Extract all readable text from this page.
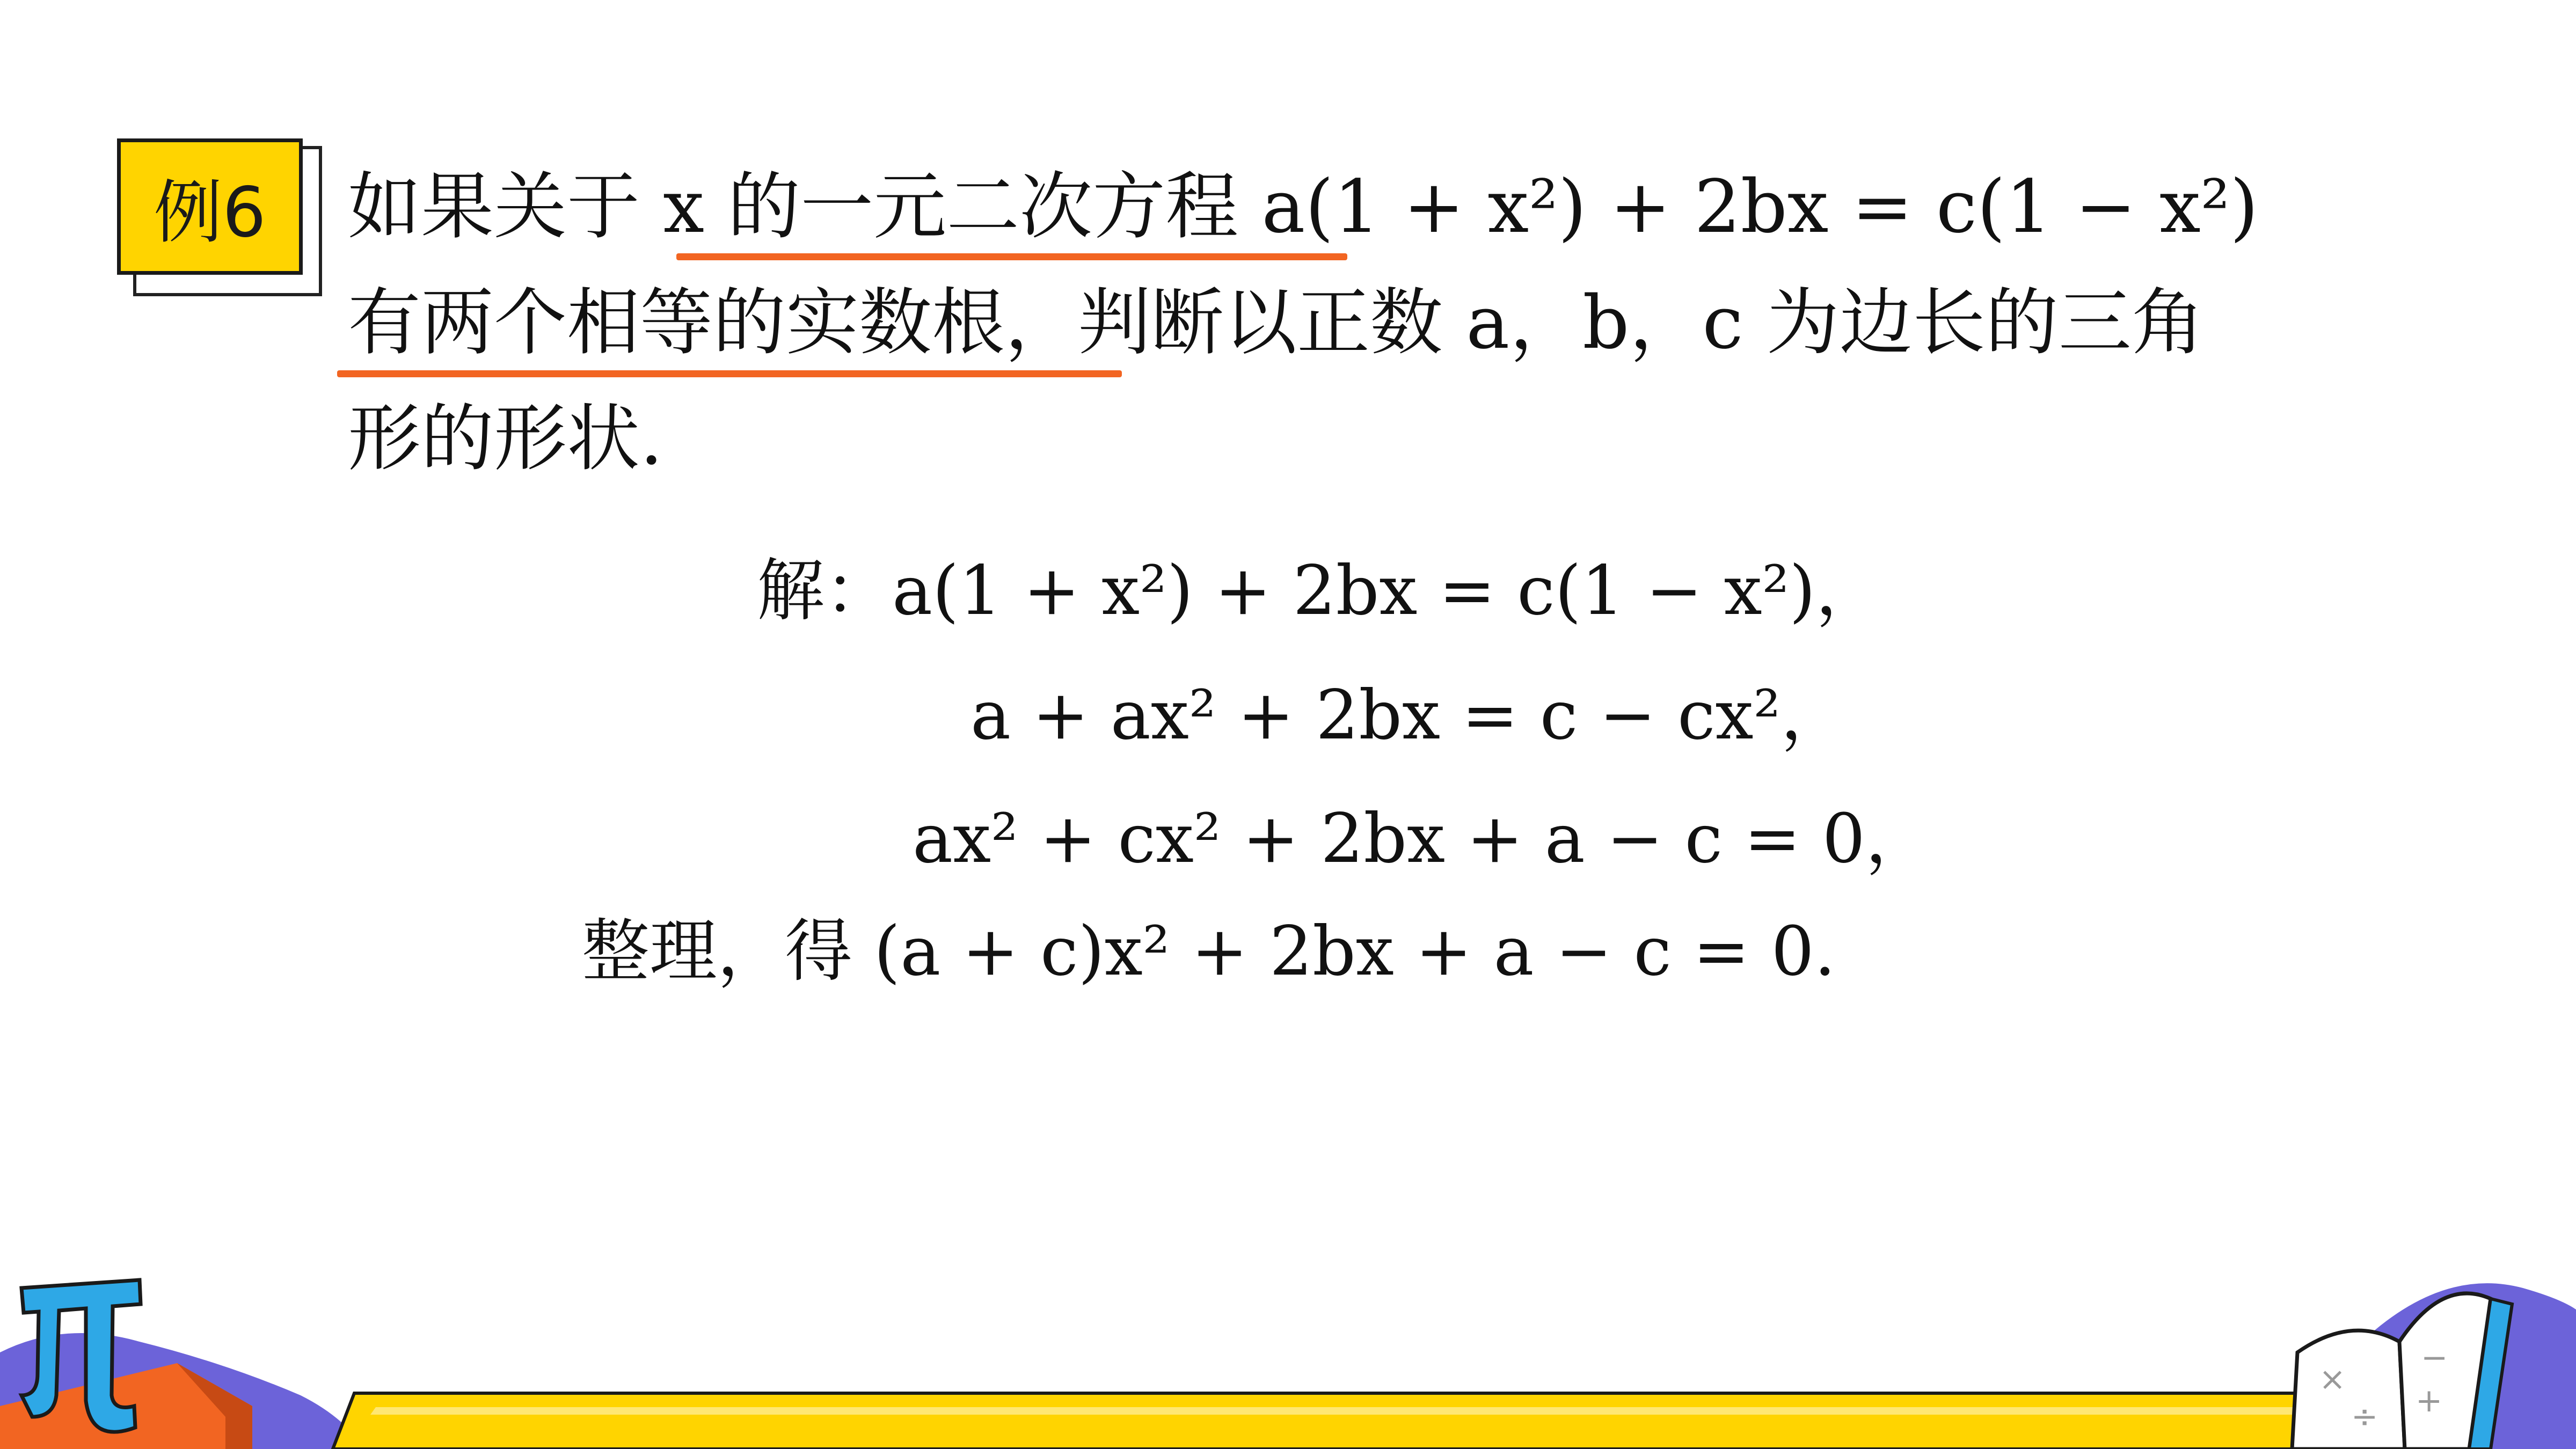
例6 如果关于 x 的一元二次方程 a(1 + x²) + 2bx = c(1 − x²)
有两个相等的实数根，判断以正数 a，b，c 为边长的三角
形的形状.
解：a(1 + x²) + 2bx = c(1 − x²)，
a + ax² + 2bx = c − cx²，
ax² + cx² + 2bx + a − c = 0，
整理，得 (a + c)x² + 2bx + a − c = 0.
×
÷
−
+
